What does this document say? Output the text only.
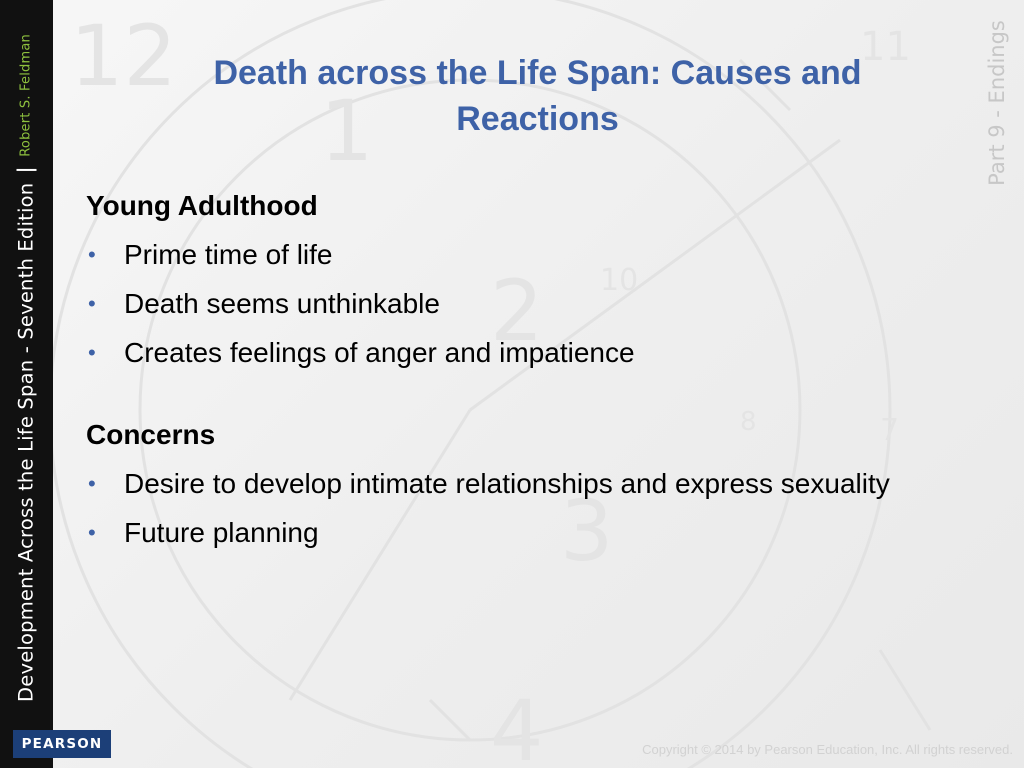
12
1
2
3
4
11
10
7
8
Development Across the Life Span - Seventh Edition
Robert S. Feldman
PEARSON
Part 9 - Endings
Death across the Life Span: Causes and Reactions
Young Adulthood
• Prime time of life
• Death seems unthinkable
• Creates feelings of anger and impatience
Concerns
• Desire to develop intimate relationships and express sexuality
• Future planning
Copyright © 2014 by Pearson Education, Inc. All rights reserved.
